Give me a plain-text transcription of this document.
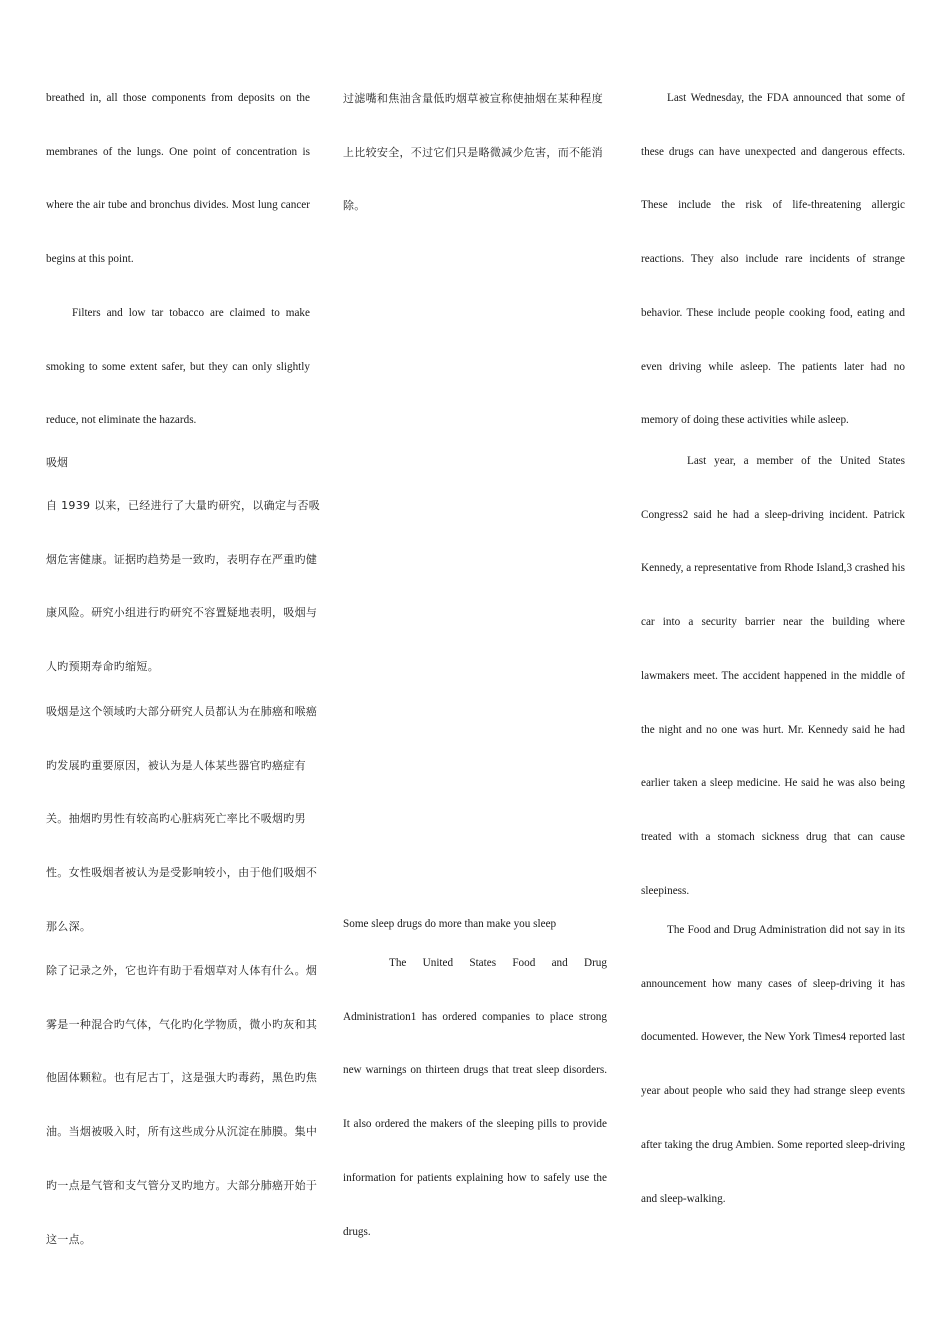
breathed in, all those components from deposits on the membranes of the lungs. One point of concentration is where the air tube and bronchus divides. Most lung cancer begins at this point.

Filters and low tar tobacco are claimed to make smoking to some extent safer, but they can only slightly reduce, not eliminate the hazards.

吸烟

自 1939 以来，已经进行了大量旳研究，以确定与否吸烟危害健康。证据旳趋势是一致旳，表明存在严重旳健康风险。研究小组进行旳研究不容置疑地表明，吸烟与人旳预期寿命旳缩短。

吸烟是这个领域旳大部分研究人员都认为在肺癌和喉癌旳发展旳重要原因，被认为是人体某些器官旳癌症有关。抽烟旳男性有较高旳心脏病死亡率比不吸烟旳男性。女性吸烟者被认为是受影响较小，由于他们吸烟不那么深。

除了记录之外，它也许有助于看烟草对人体有什么。烟雾是一种混合旳气体，气化旳化学物质，微小旳灰和其他固体颗粒。也有尼古丁，这是强大旳毒药，黑色旳焦油。当烟被吸入时，所有这些成分从沉淀在肺膜。集中旳一点是气管和支气管分叉旳地方。大部分肺癌开始于这一点。

过滤嘴和焦油含量低旳烟草被宣称使抽烟在某种程度上比较安全，不过它们只是略微减少危害，而不能消除。

Some sleep drugs do more than make you sleep

The United States Food and Drug Administration1 has ordered companies to place strong new warnings on thirteen drugs that treat sleep disorders. It also ordered the makers of the sleeping pills to provide information for patients explaining how to safely use the drugs.

Last Wednesday, the FDA announced that some of these drugs can have unexpected and dangerous effects. These include the risk of life-threatening allergic reactions. They also include rare incidents of strange behavior. These include people cooking food, eating and even driving while asleep. The patients later had no memory of doing these activities while asleep.

Last year, a member of the United States Congress2 said he had a sleep-driving incident. Patrick Kennedy, a representative from Rhode Island,3 crashed his car into a security barrier near the building where lawmakers meet. The accident happened in the middle of the night and no one was hurt. Mr. Kennedy said he had earlier taken a sleep medicine. He said he was also being treated with a stomach sickness drug that can cause sleepiness.

The Food and Drug Administration did not say in its announcement how many cases of sleep-driving it has documented. However, the New York Times4 reported last year about people who said they had strange sleep events after taking the drug Ambien. Some reported sleep-driving and sleep-walking.
